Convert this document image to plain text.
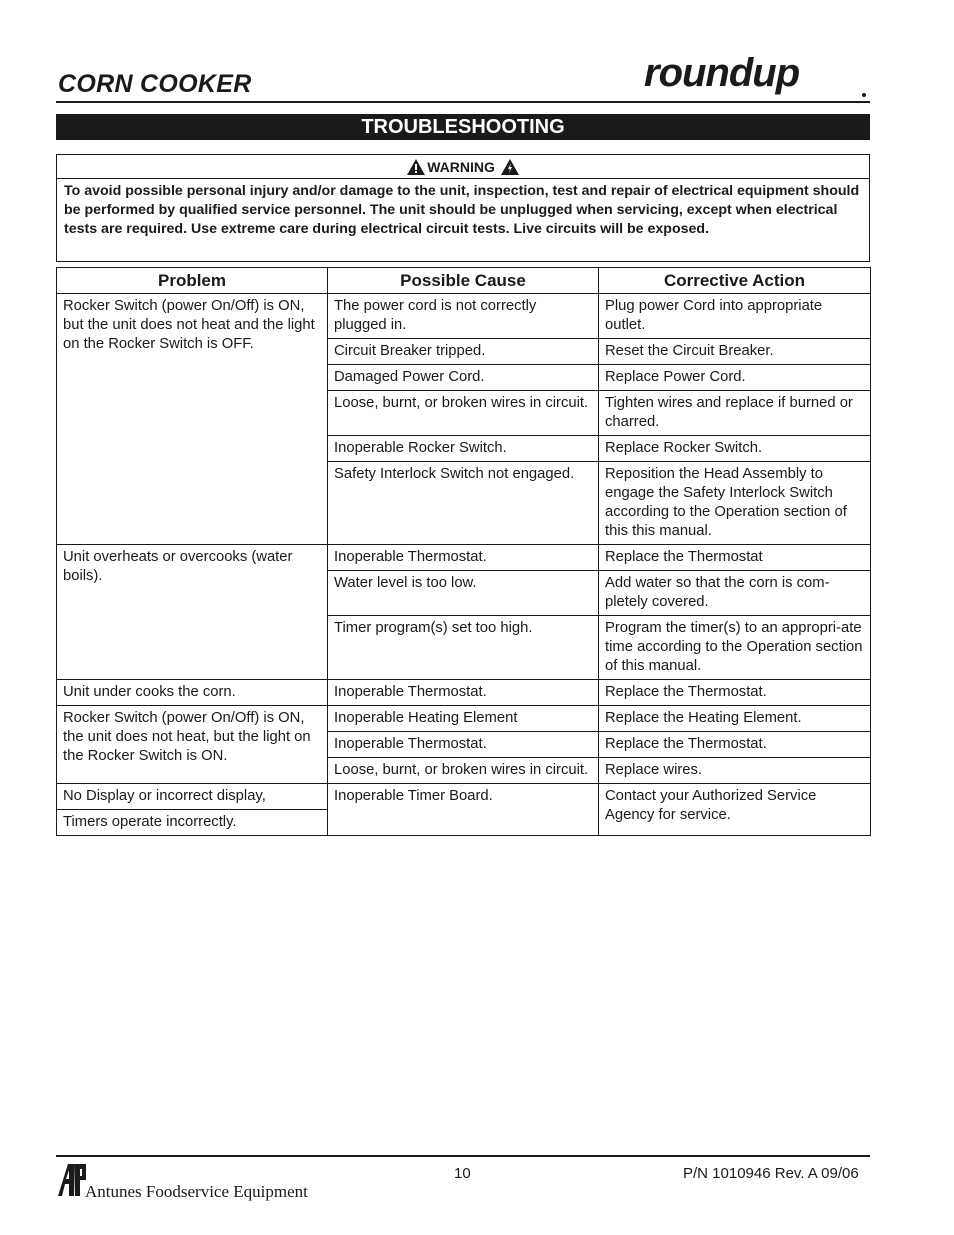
CORN COOKER	roundup
TROUBLESHOOTING
WARNING
To avoid possible personal injury and/or damage to the unit, inspection, test and repair of electrical equipment should be performed by qualified service personnel. The unit should be unplugged when servicing, except when electrical tests are required. Use extreme care during electrical circuit tests. Live circuits will be exposed.
Problem	Possible Cause	Corrective Action
Rocker Switch (power On/Off) is ON, but the unit does not heat and the light on the Rocker Switch is OFF.	The power cord is not correctly plugged in.	Plug power Cord into appropriate outlet.
	Circuit Breaker tripped.	Reset the Circuit Breaker.
	Damaged Power Cord.	Replace Power Cord.
	Loose, burnt, or broken wires in circuit.	Tighten wires and replace if burned or charred.
	Inoperable Rocker Switch.	Replace Rocker Switch.
	Safety Interlock Switch not engaged.	Reposition the Head Assembly to engage the Safety Interlock Switch according to the Operation section of this this manual.
Unit overheats or overcooks (water boils).	Inoperable Thermostat.	Replace the Thermostat
	Water level is too low.	Add water so that the corn is com-pletely covered.
	Timer program(s) set too high.	Program the timer(s) to an appropri-ate time according to the Operation section of this manual.
Unit under cooks the corn.	Inoperable Thermostat.	Replace the Thermostat.
Rocker Switch (power On/Off) is ON, the unit does not heat, but the light on the Rocker Switch is ON.	Inoperable Heating Element	Replace the Heating Element.
	Inoperable Thermostat.	Replace the Thermostat.
	Loose, burnt, or broken wires in circuit.	Replace wires.
No Display or incorrect display,	Inoperable Timer Board.	Contact your Authorized Service Agency for service.
Timers operate incorrectly.		
Antunes Foodservice Equipment
10	P/N 1010946 Rev. A 09/06
